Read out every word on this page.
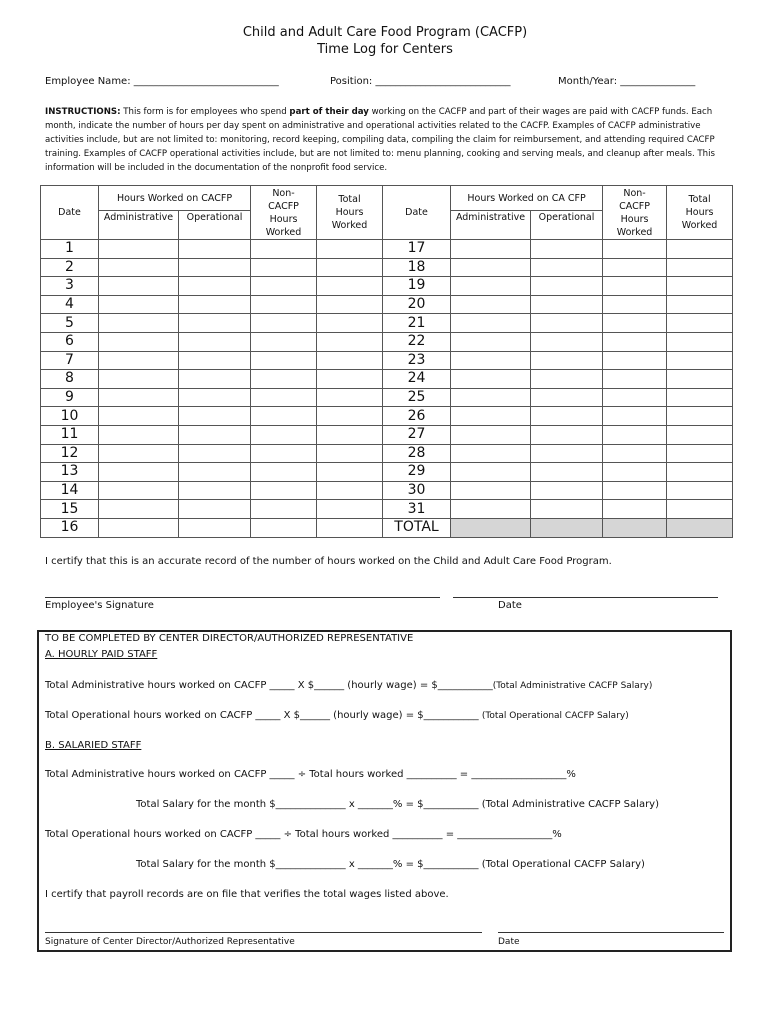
Child and Adult Care Food Program (CACFP)
Time Log for Centers
Employee Name: _____________________________	Position: ___________________________	Month/Year: _______________
INSTRUCTIONS: This form is for employees who spend part of their day working on the CACFP and part of their wages are paid with CACFP funds. Each month, indicate the number of hours per day spent on administrative and operational activities related to the CACFP. Examples of CACFP administrative activities include, but are not limited to: monitoring, record keeping, compiling data, compiling the claim for reimbursement, and attending required CACFP training. Examples of CACFP operational activities include, but are not limited to: menu planning, cooking and serving meals, and cleanup after meals. This information will be included in the documentation of the nonprofit food service.
Date	Hours Worked on CACFP		Non-
CACFP
Hours
Worked	Total
Hours
Worked	Date	Hours Worked on CA CFP		Non-
CACFP
Hours
Worked	Total
Hours
Worked
	Administrative	Operational				Administrative	Operational		
1					17				
2					18				
3					19				
4					20				
5					21				
6					22				
7					23				
8					24				
9					25				
10					26				
11					27				
12					28				
13					29				
14					30				
15					31				
16					TOTAL				
I certify that this is an accurate record of the number of hours worked on the Child and Adult Care Food Program.
Employee's Signature	Date
TO BE COMPLETED BY CENTER DIRECTOR/AUTHORIZED REPRESENTATIVE
A. HOURLY PAID STAFF
Total Administrative hours worked on CACFP _____ X $______ (hourly wage) = $___________(Total Administrative CACFP Salary)
Total Operational hours worked on CACFP _____ X $______ (hourly wage) = $___________ (Total Operational CACFP Salary)
B. SALARIED STAFF
Total Administrative hours worked on CACFP _____ ÷ Total hours worked __________ = ___________________%
Total Salary for the month $______________ x _______% = $___________ (Total Administrative CACFP Salary)
Total Operational hours worked on CACFP _____ ÷ Total hours worked __________ = ___________________%
Total Salary for the month $______________ x _______% = $___________ (Total Operational CACFP Salary)
I certify that payroll records are on file that verifies the total wages listed above.
Signature of Center Director/Authorized Representative	Date
